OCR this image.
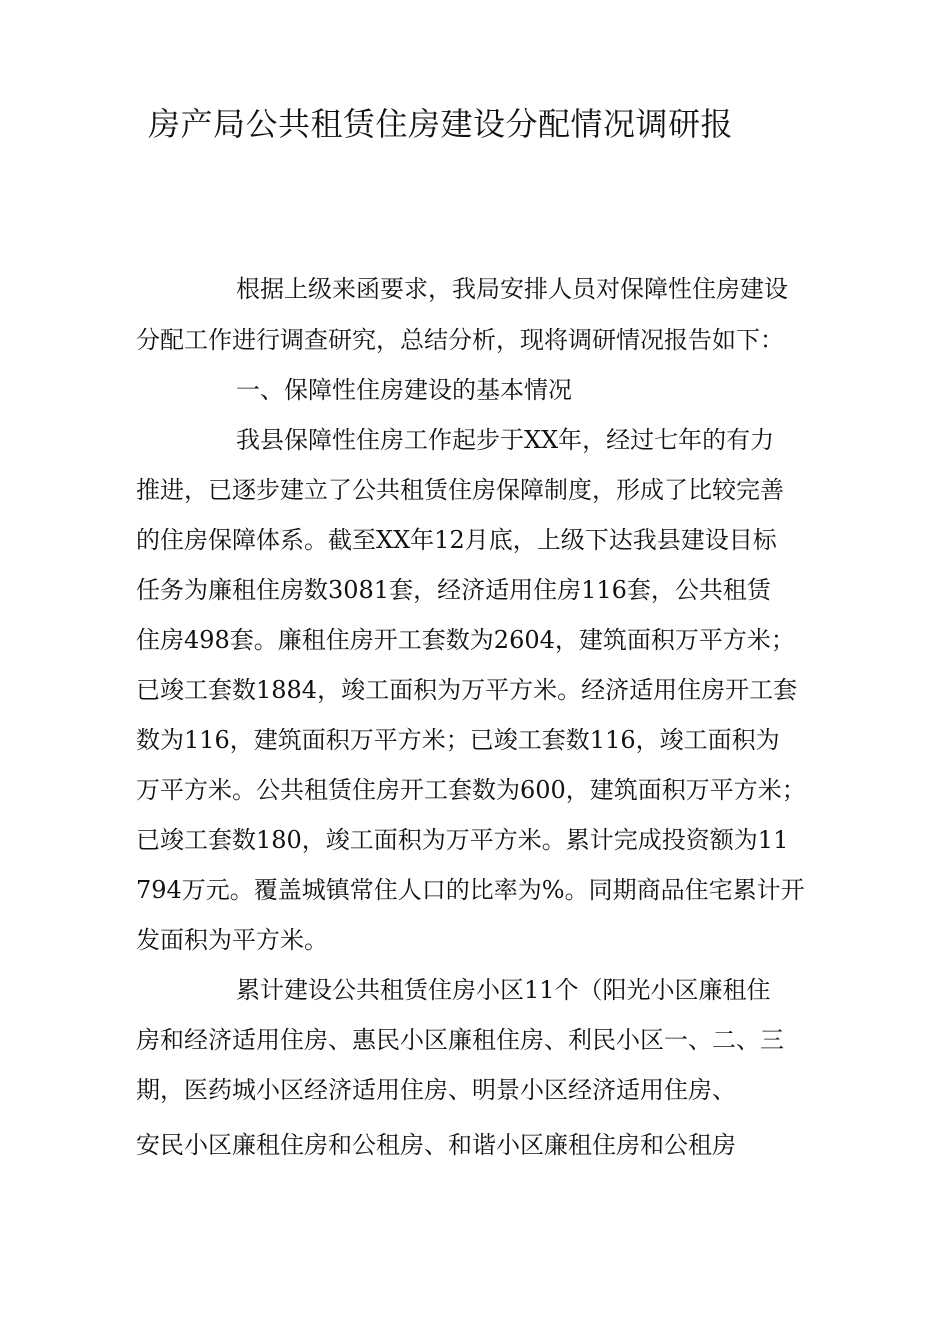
房产局公共租赁住房建设分配情况调研报
根据上级来函要求，我局安排人员对保障性住房建设
分配工作进行调查研究，总结分析，现将调研情况报告如下：
一、保障性住房建设的基本情况
我县保障性住房工作起步于XX年，经过七年的有力
推进，已逐步建立了公共租赁住房保障制度，形成了比较完善
的住房保障体系。截至XX年12月底，上级下达我县建设目标
任务为廉租住房数3081套，经济适用住房116套，公共租赁
住房498套。廉租住房开工套数为2604，建筑面积万平方米；
已竣工套数1884，竣工面积为万平方米。经济适用住房开工套
数为116，建筑面积万平方米；已竣工套数116，竣工面积为
万平方米。公共租赁住房开工套数为600，建筑面积万平方米；
已竣工套数180，竣工面积为万平方米。累计完成投资额为11
794万元。覆盖城镇常住人口的比率为%。同期商品住宅累计开
发面积为平方米。
累计建设公共租赁住房小区11个（阳光小区廉租住
房和经济适用住房、惠民小区廉租住房、利民小区一、二、三
期，医药城小区经济适用住房、明景小区经济适用住房、
安民小区廉租住房和公租房、和谐小区廉租住房和公租房
